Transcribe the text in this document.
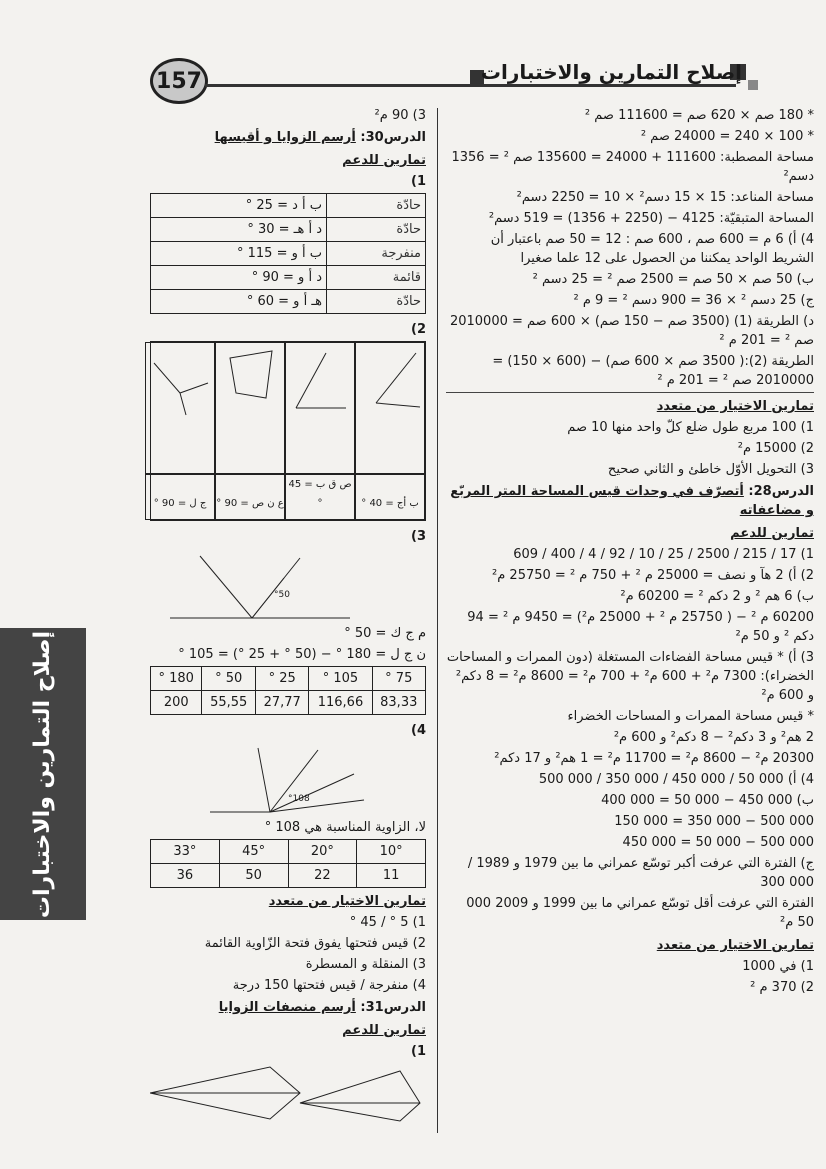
157	إصلاح التمارين والاختبارات
إصلاح التمارين والاختبارات

* 180 صم × 620 صم = 111600 صم ²

* 100 × 240 = 24000 صم ²

مساحة المصطبة: 111600 + 24000 = 135600 صم ² = 1356 دسم²

مساحة المناعد: 15 × 15 دسم² × 10 = 2250 دسم²

المساحة المتبقيّة: 4125 − (2250 + 1356) = 519 دسم²

4) أ) 6 م = 600 صم ، 600 صم : 12 = 50 صم باعتبار أن الشريط الواحد يمكننا من الحصول على 12 علما صغيرا

ب) 50 صم × 50 صم = 2500 صم ² = 25 دسم ²

ج) 25 دسم ² × 36 = 900 دسم ² = 9 م ²

د) الطريقة (1) (3500 صم − 150 صم) × 600 صم = 2010000 صم ² = 201 م ²

الطريقة (2):( 3500 صم × 600 صم) − (600 × 150) = 2010000 صم ² = 201 م ²

تمارين الاختيار من متعدد

1) 100 مربع طول ضلع كلّ واحد منها 10 صم

2) 15000 م²

3) التحويل الأوّل خاطئ و الثاني صحيح

الدرس28: أتصرّف في وحدات قيس المساحة المتر المربّع و مضاعفاته

تمارين للدعم

1) 17 / 215 / 2500 / 25 / 10 / 92 / 4 / 400 / 609

2) أ) 2 هآ و نصف = 25000 م ² + 750 م ² = 25750 م²

ب) 6 هم ² و 2 دكم ² = 60200 م²

60200 م ² − ( 25750 م ² + 25000 م²) = 9450 م ² = 94 دكم ² و 50 م²

3) أ) * قيس مساحة الفضاءات المستغلة (دون الممرات و المساحات الخضراء): 7300 م² + 600 م² + 700 م² = 8600 م² = 8 دكم² و 600 م²

* قيس مساحة الممرات و المساحات الخضراء

2 هم² و 3 دكم² − 8 دكم² و 600 م²

20300 م² − 8600 م² = 11700 م² = 1 هم² و 17 دكم²

4) أ) 000 50 / 000 450 / 000 350 / 000 500

ب) 000 450 − 000 50 = 000 400

000 500 − 000 350 = 000 150

000 500 − 000 50 = 000 450

ج) الفترة التي عرفت أكبر توسّع عمراني ما بين 1979 و 1989 / 000 300

الفترة التي عرفت أقل توسّع عمراني ما بين 1999 و 2009 000 50 م²

تمارين الاختيار من متعدد

1) في 1000

2) 370 م ²

3) 90 م²

الدرس30: أرسم الزوايا و أقيسها

تمارين للدعم

1)

حادّة	ب أ د = 25 °
حادّة	د أ هـ = 30 °
منفرجة	ب أ و = 115 °
قائمة	د أ و = 90 °
حادّة	هـ أ و = 60 °

2)

ب أج = 40 °
ص ق ب = 45 °
ع ن ص = 90 °
ج ل = 90 °

3)

°50

م ج ك = 50 °

ن ج ل = 180 ° − (50 ° + 25 °) = 105 °

75 °	105 °	25 °	50 °	180 °
83,33	116,66	27,77	55,55	200

4)

°108

لا، الزاوية المناسبة هي 108 °

10°	20°	45°	33°
11	22	50	36

تمارين الاختيار من متعدد

1) 5 ° / 45 °

2) قيس فتحتها يفوق فتحة الزّاوية القائمة

3) المنقلة و المسطرة

4) منفرجة / قيس فتحتها 150 درجة

الدرس31: أرسم منصفات الزوايا

تمارين للدعم

1)
